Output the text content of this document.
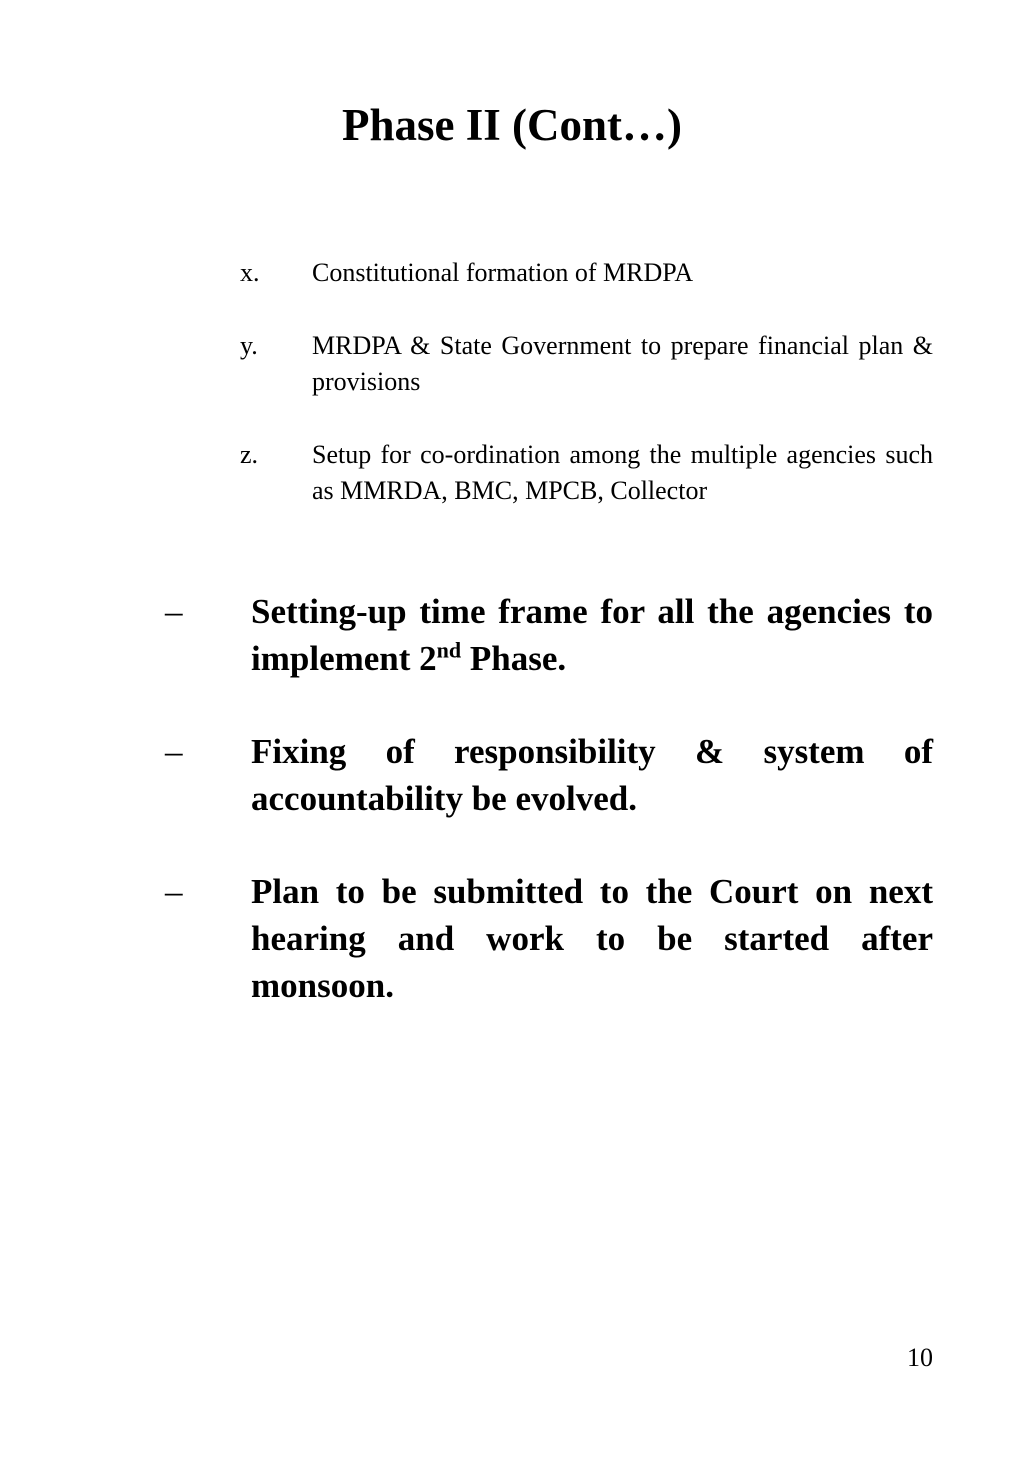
Phase II (Cont…)
x. Constitutional formation of MRDPA
y. MRDPA & State Government to prepare financial plan & provisions
z. Setup for co-ordination among the multiple agencies such as MMRDA, BMC, MPCB, Collector
– Setting-up time frame for all the agencies to implement 2nd Phase.
– Fixing of responsibility & system of accountability be evolved.
– Plan to be submitted to the Court on next hearing and work to be started after monsoon.
10
